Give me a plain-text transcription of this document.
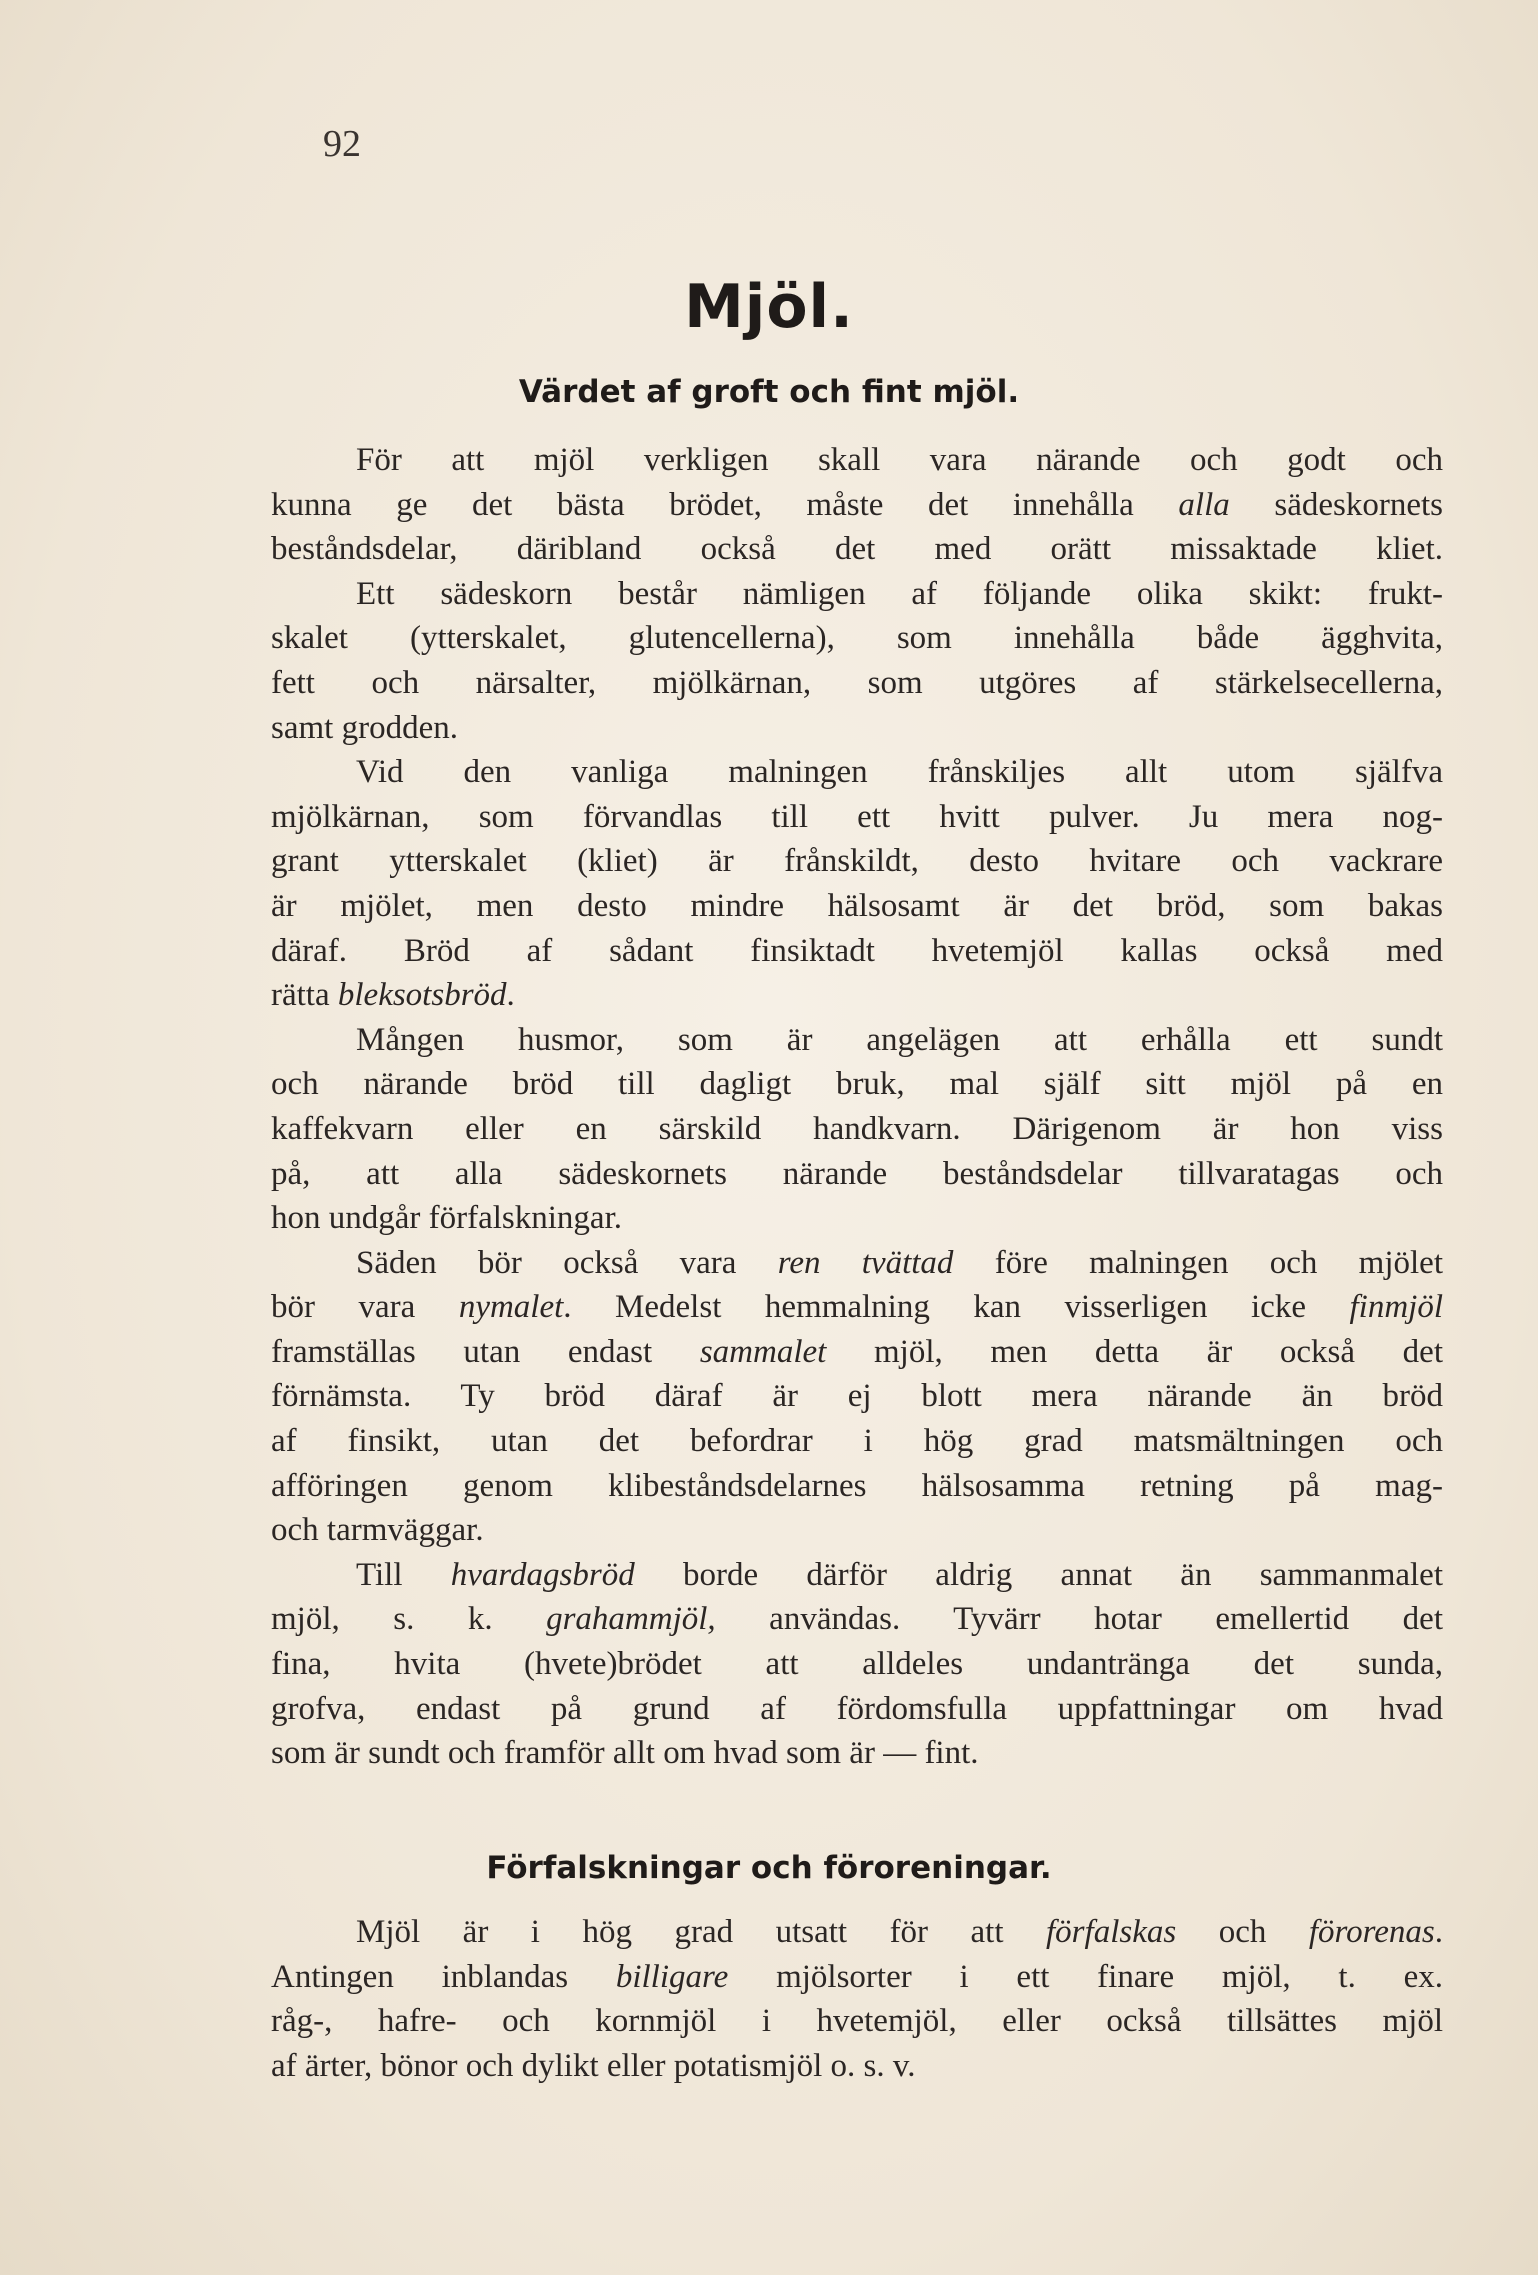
92
Mjöl.
Värdet af groft och fint mjöl.
För att mjöl verkligen skall vara närande och godt och
kunna ge det bästa brödet, måste det innehålla alla sädeskornets
beståndsdelar, däribland också det med orätt missaktade kliet.
Ett sädeskorn består nämligen af följande olika skikt: frukt-
skalet (ytterskalet, glutencellerna), som innehålla både ägghvita,
fett och närsalter, mjölkärnan, som utgöres af stärkelsecellerna,
samt grodden.
Vid den vanliga malningen frånskiljes allt utom själfva
mjölkärnan, som förvandlas till ett hvitt pulver. Ju mera nog-
grant ytterskalet (kliet) är frånskildt, desto hvitare och vackrare
är mjölet, men desto mindre hälsosamt är det bröd, som bakas
däraf. Bröd af sådant finsiktadt hvetemjöl kallas också med
rätta bleksotsbröd.
Mången husmor, som är angelägen att erhålla ett sundt
och närande bröd till dagligt bruk, mal själf sitt mjöl på en
kaffekvarn eller en särskild handkvarn. Därigenom är hon viss
på, att alla sädeskornets närande beståndsdelar tillvaratagas och
hon undgår förfalskningar.
Säden bör också vara ren tvättad före malningen och mjölet
bör vara nymalet. Medelst hemmalning kan visserligen icke finmjöl
framställas utan endast sammalet mjöl, men detta är också det
förnämsta. Ty bröd däraf är ej blott mera närande än bröd
af finsikt, utan det befordrar i hög grad matsmältningen och
afföringen genom klibeståndsdelarnes hälsosamma retning på mag-
och tarmväggar.
Till hvardagsbröd borde därför aldrig annat än sammanmalet
mjöl, s. k. grahammjöl, användas. Tyvärr hotar emellertid det
fina, hvita (hvete)brödet att alldeles undantränga det sunda,
grofva, endast på grund af fördomsfulla uppfattningar om hvad
som är sundt och framför allt om hvad som är — fint.
Förfalskningar och föroreningar.
Mjöl är i hög grad utsatt för att förfalskas och förorenas.
Antingen inblandas billigare mjölsorter i ett finare mjöl, t. ex.
råg-, hafre- och kornmjöl i hvetemjöl, eller också tillsättes mjöl
af ärter, bönor och dylikt eller potatismjöl o. s. v.
